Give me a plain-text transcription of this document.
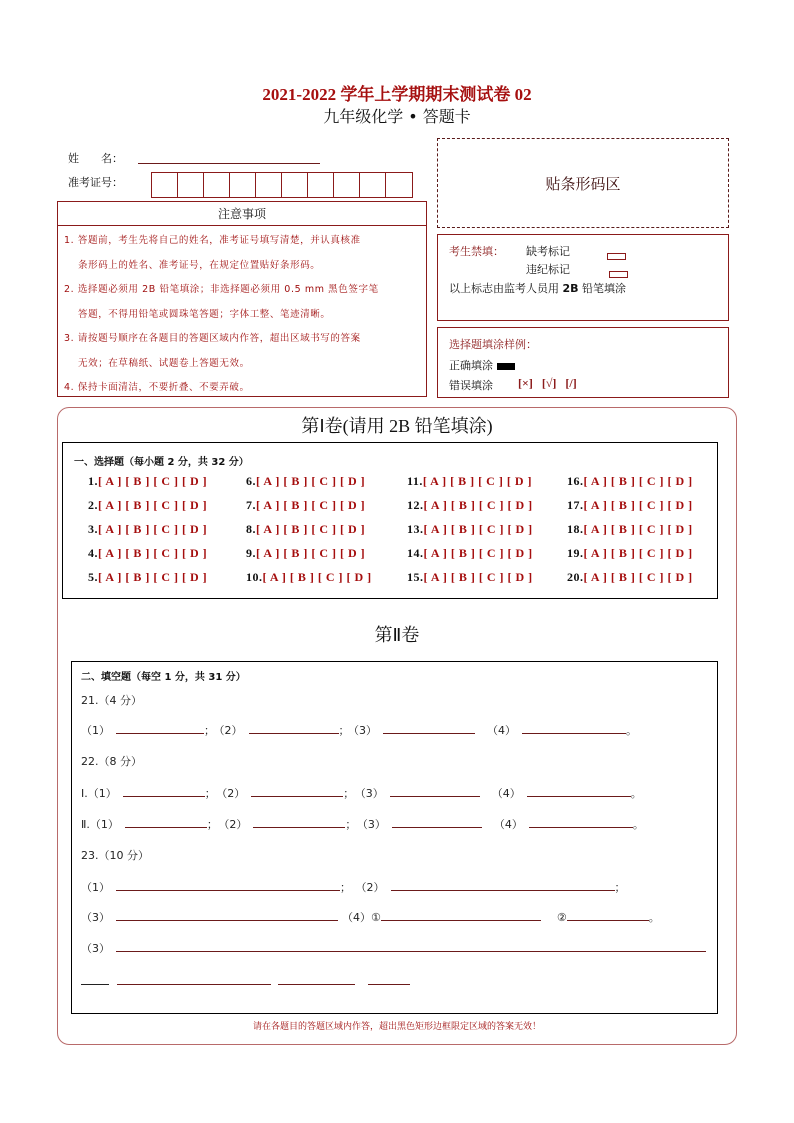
2021-2022 学年上学期期末测试卷 02
九年级化学 • 答题卡
姓　　名：
准考证号：
注意事项
1. 答题前，考生先将自己的姓名，准考证号填写清楚，并认真核准
条形码上的姓名、准考证号，在规定位置贴好条形码。
2. 选择题必须用 2B 铅笔填涂；非选择题必须用 0.5 mm 黑色签字笔
答题，不得用铅笔或圆珠笔答题；字体工整、笔迹清晰。
3. 请按题号顺序在各题目的答题区域内作答，超出区域书写的答案
无效；在草稿纸、试题卷上答题无效。
4. 保持卡面清洁，不要折叠、不要弄破。
贴条形码区
考生禁填： 缺考标记
违纪标记
以上标志由监考人员用 2B 铅笔填涂
选择题填涂样例：
正确填涂
错误填涂 [×] [√] [/]
第Ⅰ卷(请用 2B 铅笔填涂)
一、选择题（每小题 2 分，共 32 分）
1.[ A ] [ B ] [ C ] [ D ]
2.[ A ] [ B ] [ C ] [ D ]
3.[ A ] [ B ] [ C ] [ D ]
4.[ A ] [ B ] [ C ] [ D ]
5.[ A ] [ B ] [ C ] [ D ]
6.[ A ] [ B ] [ C ] [ D ]
7.[ A ] [ B ] [ C ] [ D ]
8.[ A ] [ B ] [ C ] [ D ]
9.[ A ] [ B ] [ C ] [ D ]
10.[ A ] [ B ] [ C ] [ D ]
11.[ A ] [ B ] [ C ] [ D ]
12.[ A ] [ B ] [ C ] [ D ]
13.[ A ] [ B ] [ C ] [ D ]
14.[ A ] [ B ] [ C ] [ D ]
15.[ A ] [ B ] [ C ] [ D ]
16.[ A ] [ B ] [ C ] [ D ]
17.[ A ] [ B ] [ C ] [ D ]
18.[ A ] [ B ] [ C ] [ D ]
19.[ A ] [ B ] [ C ] [ D ]
20.[ A ] [ B ] [ C ] [ D ]
第Ⅱ卷
二、填空题（每空 1 分，共 31 分）
21.（4 分）
（1）	； （2）	； （3）	（4）	。
22.（8 分）
Ⅰ.（1）	； （2）	； （3）	（4）	。
Ⅱ.（1）	； （2）	； （3）	（4）	。
23.（10 分）
（1）	； （2）	；
（3）	（4）①	②	。
（3）
请在各题目的答题区域内作答，超出黑色矩形边框限定区域的答案无效！
